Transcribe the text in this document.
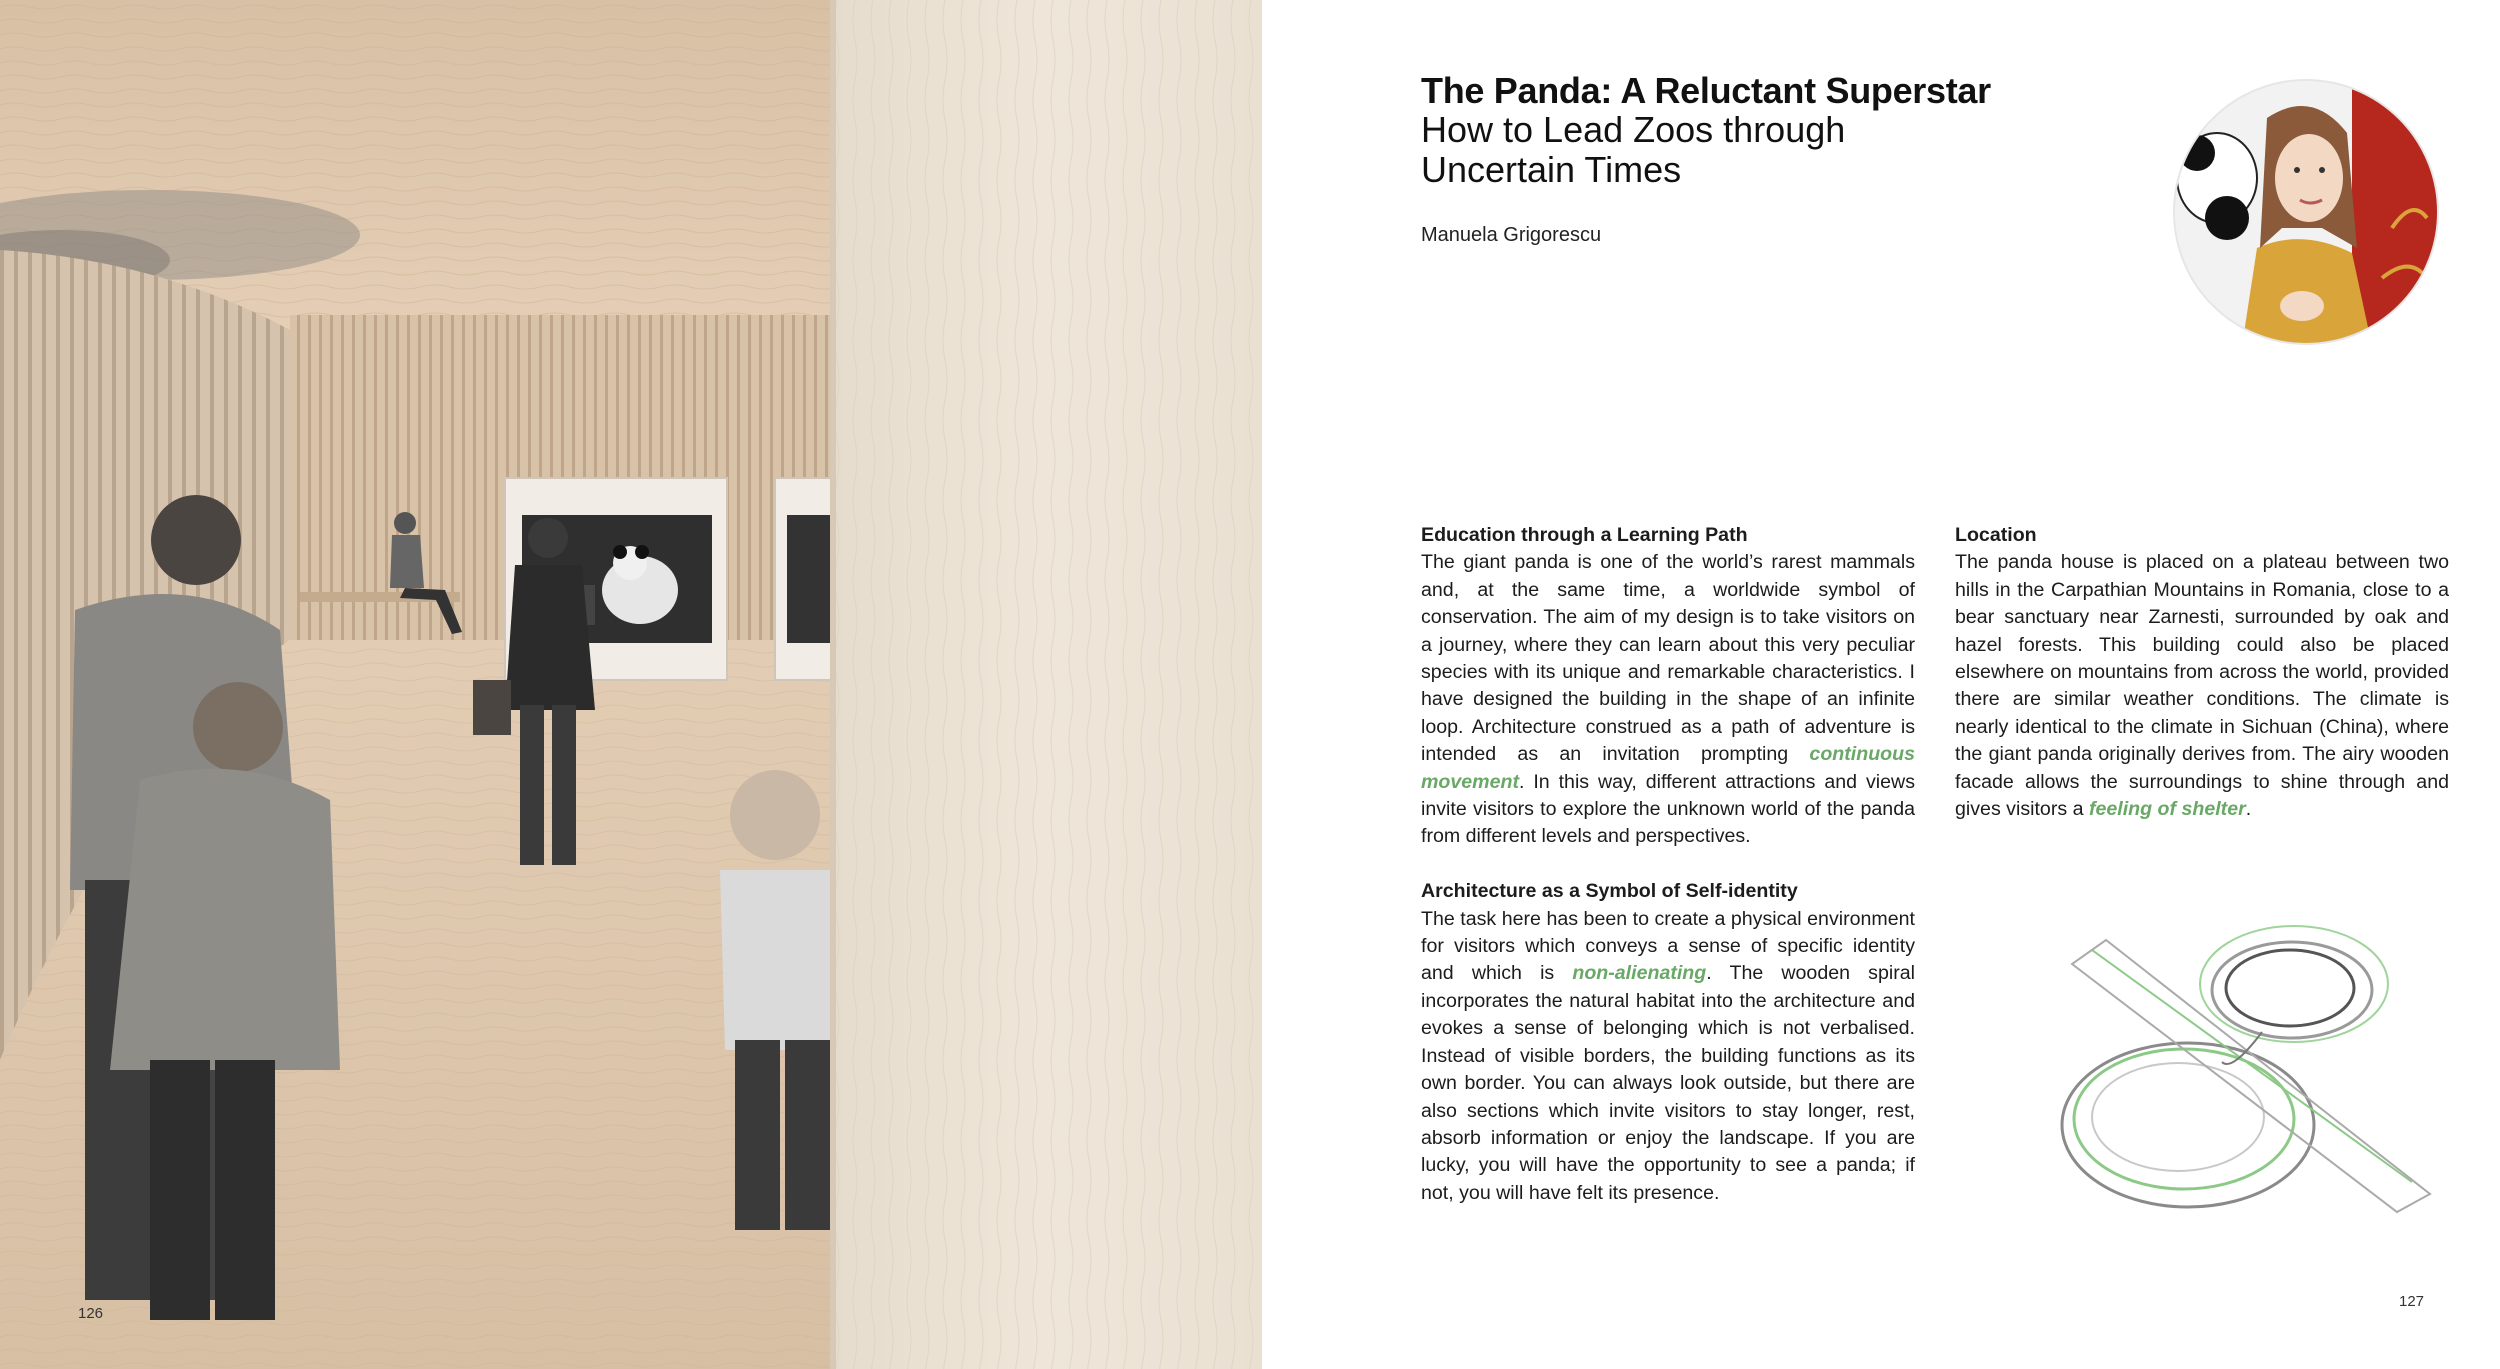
126
The Panda: A Reluctant Superstar
How to Lead Zoos through Uncertain Times
Manuela Grigorescu
Education through a Learning Path

The giant panda is one of the world’s rarest mammals and, at the same time, a worldwide symbol of conservation. The aim of my design is to take visitors on a journey, where they can learn about this very peculiar species with its unique and remarkable characteristics. I have designed the building in the shape of an infinite loop. Architecture construed as a path of adventure is intended as an invitation prompting continuous movement. In this way, different attractions and views invite visitors to explore the unknown world of the panda from different levels and perspectives.

Architecture as a Symbol of Self-identity

The task here has been to create a physical environment for visitors which conveys a sense of specific identity and which is non-alienating. The wooden spiral incorporates the natural habitat into the architecture and evokes a sense of belonging which is not verbalised. Instead of visible borders, the building functions as its own border. You can always look outside, but there are also sections which invite visitors to stay longer, rest, absorb information or enjoy the landscape. If you are lucky, you will have the opportunity to see a panda; if not, you will have felt its presence.

Location

The panda house is placed on a plateau between two hills in the Carpathian Mountains in Romania, close to a bear sanctuary near Zarnesti, surrounded by oak and hazel forests. This building could also be placed elsewhere on mountains from across the world, provided there are similar weather conditions. The climate is nearly identical to the climate in Sichuan (China), where the giant panda originally derives from. The airy wooden facade allows the surroundings to shine through and gives visitors a feeling of shelter.

127
